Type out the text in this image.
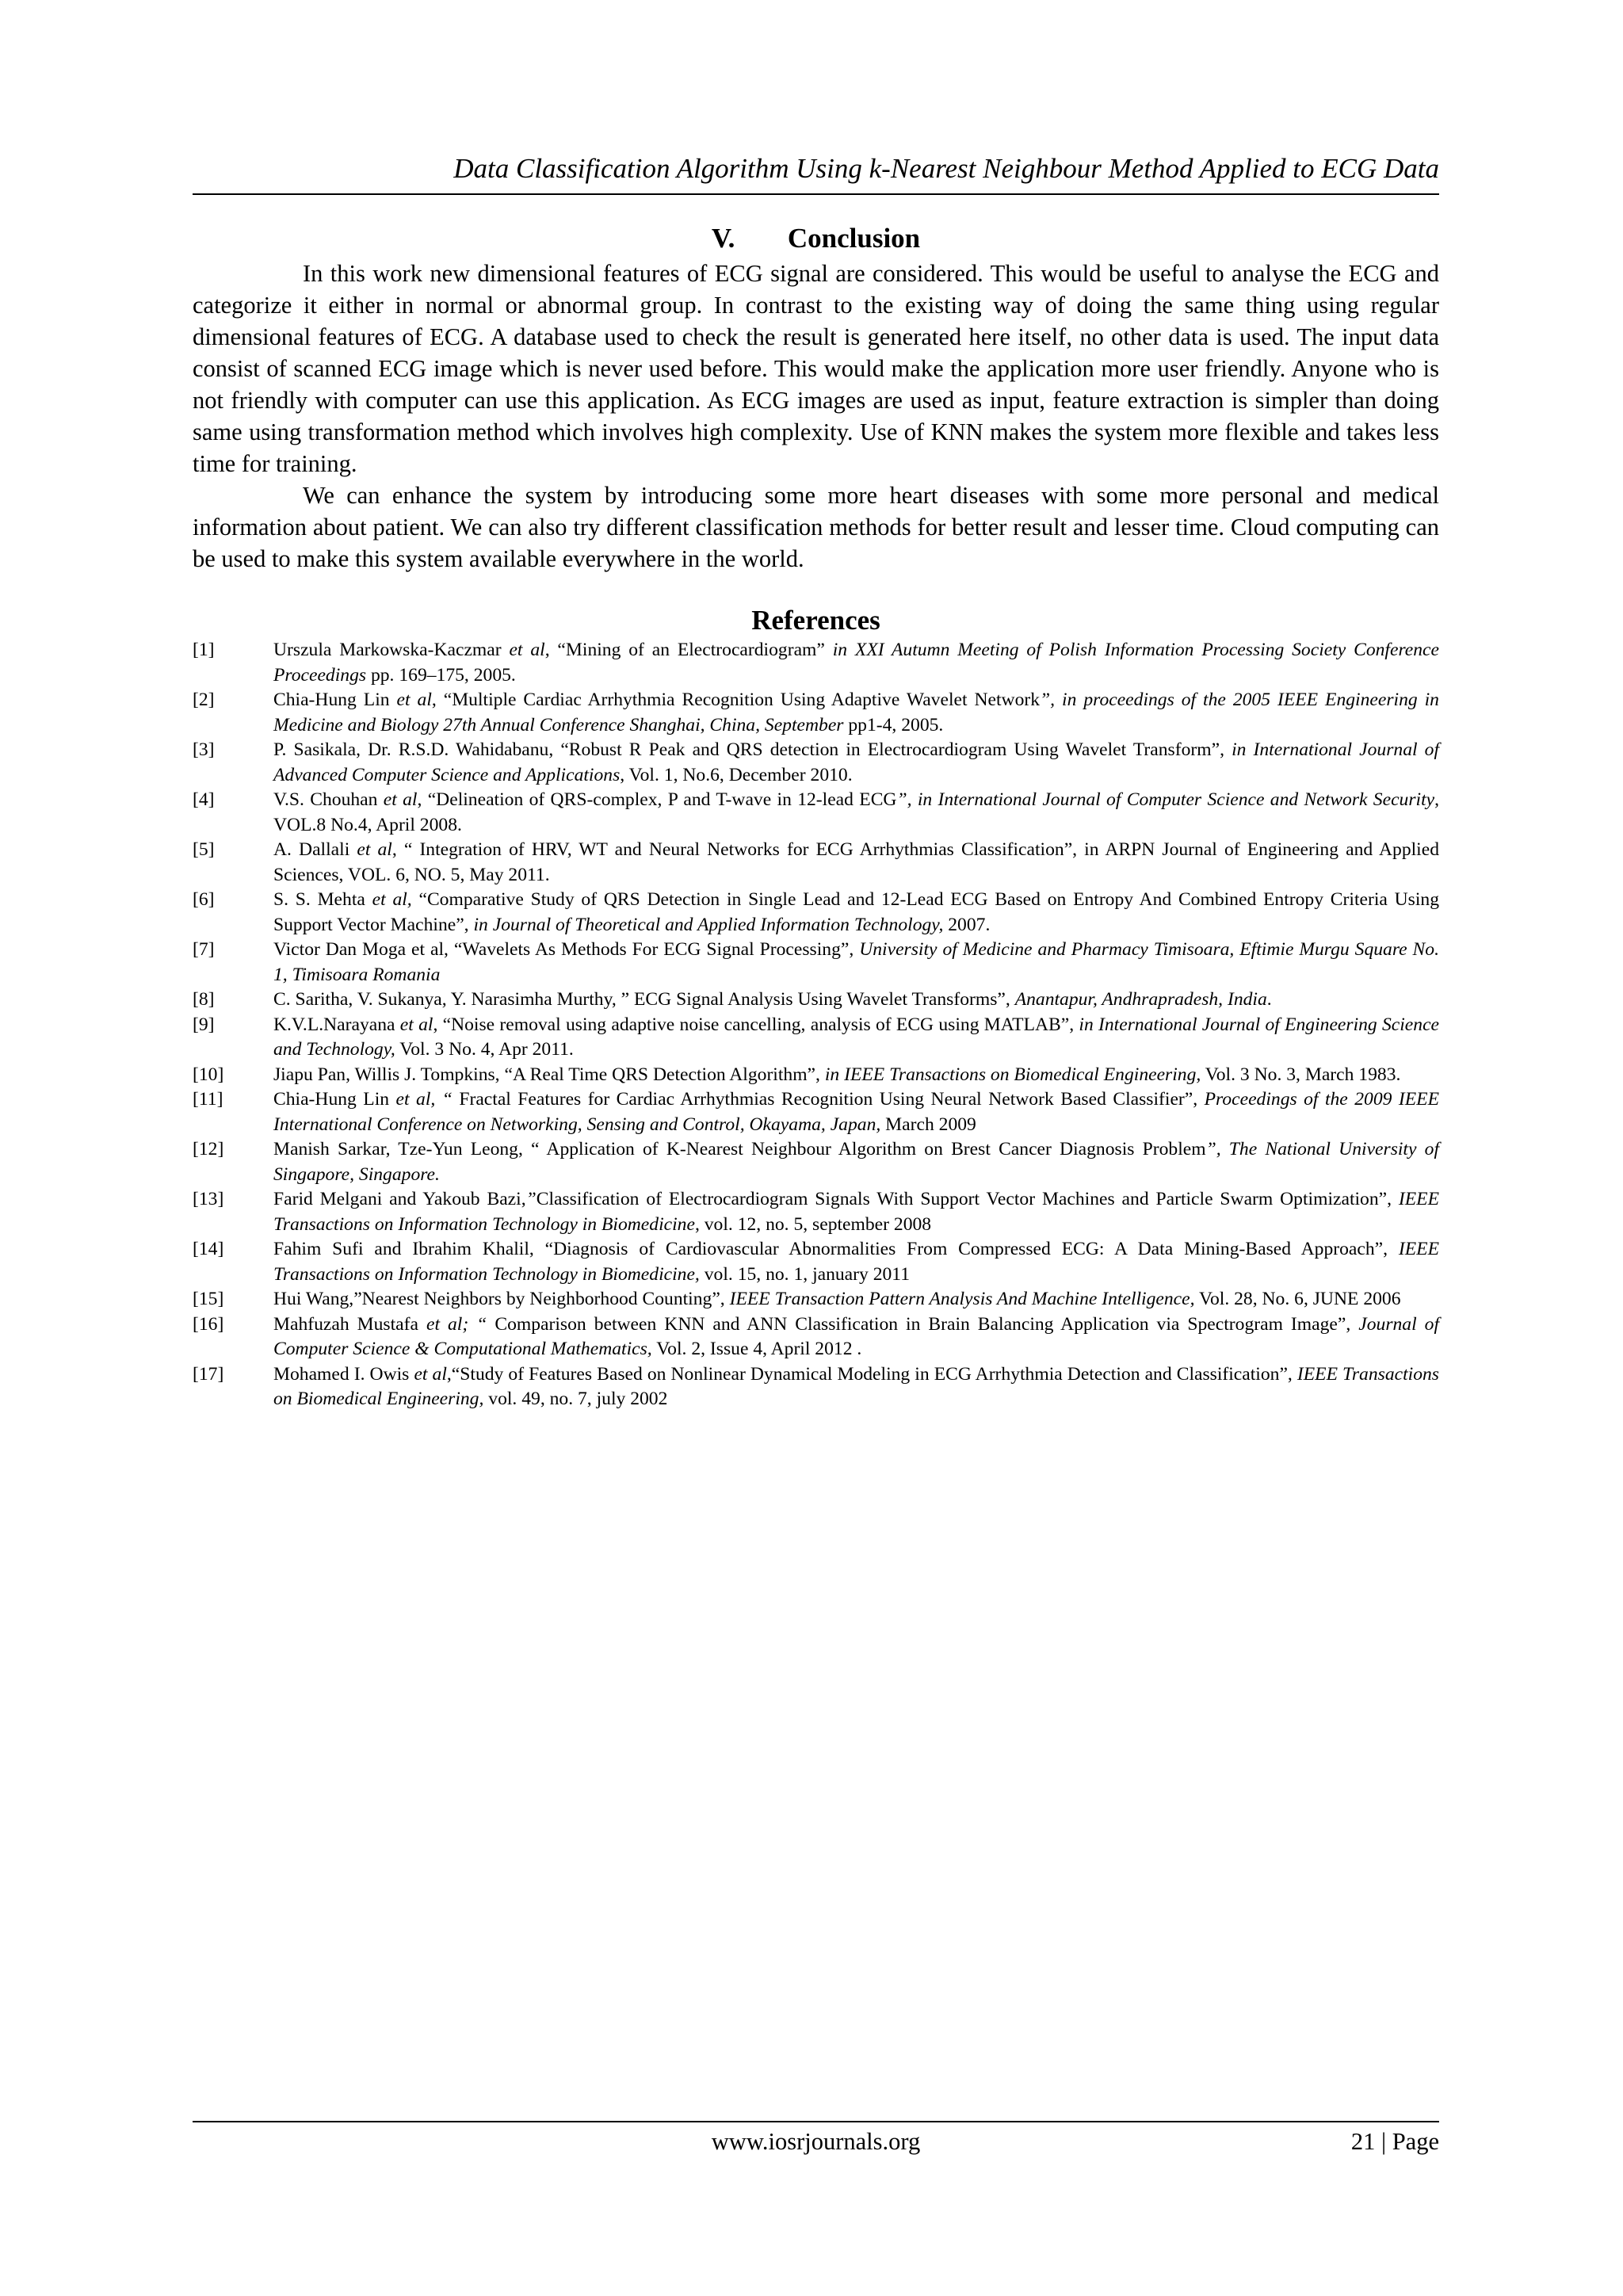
Data Classification Algorithm Using k-Nearest Neighbour Method Applied to ECG Data
V. Conclusion

In this work new dimensional features of ECG signal are considered. This would be useful to analyse the ECG and categorize it either in normal or abnormal group. In contrast to the existing way of doing the same thing using regular dimensional features of ECG. A database used to check the result is generated here itself, no other data is used. The input data consist of scanned ECG image which is never used before. This would make the application more user friendly. Anyone who is not friendly with computer can use this application. As ECG images are used as input, feature extraction is simpler than doing same using transformation method which involves high complexity. Use of KNN makes the system more flexible and takes less time for training.

We can enhance the system by introducing some more heart diseases with some more personal and medical information about patient. We can also try different classification methods for better result and lesser time. Cloud computing can be used to make this system available everywhere in the world.

References
[1]	Urszula Markowska-Kaczmar et al, “Mining of an Electrocardiogram” in XXI Autumn Meeting of Polish Information Processing Society Conference Proceedings pp. 169–175, 2005.
[2]	Chia-Hung Lin et al, “Multiple Cardiac Arrhythmia Recognition Using Adaptive Wavelet Network”, in proceedings of the 2005 IEEE Engineering in Medicine and Biology 27th Annual Conference Shanghai, China, September pp1-4, 2005.
[3]	P. Sasikala, Dr. R.S.D. Wahidabanu, “Robust R Peak and QRS detection in Electrocardiogram Using Wavelet Transform”, in International Journal of Advanced Computer Science and Applications, Vol. 1, No.6, December 2010.
[4]	V.S. Chouhan et al, “Delineation of QRS-complex, P and T-wave in 12-lead ECG”, in International Journal of Computer Science and Network Security, VOL.8 No.4, April 2008.
[5]	A. Dallali et al, “ Integration of HRV, WT and Neural Networks for ECG Arrhythmias Classification”, in ARPN Journal of Engineering and Applied Sciences, VOL. 6, NO. 5, May 2011.
[6]	S. S. Mehta et al, “Comparative Study of QRS Detection in Single Lead and 12-Lead ECG Based on Entropy And Combined Entropy Criteria Using Support Vector Machine”, in Journal of Theoretical and Applied Information Technology, 2007.
[7]	Victor Dan Moga et al, “Wavelets As Methods For ECG Signal Processing”, University of Medicine and Pharmacy Timisoara, Eftimie Murgu Square No. 1, Timisoara Romania
[8]	C. Saritha, V. Sukanya, Y. Narasimha Murthy, ” ECG Signal Analysis Using Wavelet Transforms”, Anantapur, Andhrapradesh, India.
[9]	K.V.L.Narayana et al, “Noise removal using adaptive noise cancelling, analysis of ECG using MATLAB”, in International Journal of Engineering Science and Technology, Vol. 3 No. 4, Apr 2011.
[10]	Jiapu Pan, Willis J. Tompkins, “A Real Time QRS Detection Algorithm”, in IEEE Transactions on Biomedical Engineering, Vol. 3 No. 3, March 1983.
[11]	Chia-Hung Lin et al, “ Fractal Features for Cardiac Arrhythmias Recognition Using Neural Network Based Classifier”, Proceedings of the 2009 IEEE International Conference on Networking, Sensing and Control, Okayama, Japan, March 2009
[12]	Manish Sarkar, Tze-Yun Leong, “ Application of K-Nearest Neighbour Algorithm on Brest Cancer Diagnosis Problem”, The National University of Singapore, Singapore.
[13]	Farid Melgani and Yakoub Bazi,”Classification of Electrocardiogram Signals With Support Vector Machines and Particle Swarm Optimization”, IEEE Transactions on Information Technology in Biomedicine, vol. 12, no. 5, september 2008
[14]	Fahim Sufi and Ibrahim Khalil, “Diagnosis of Cardiovascular Abnormalities From Compressed ECG: A Data Mining-Based Approach”, IEEE Transactions on Information Technology in Biomedicine, vol. 15, no. 1, january 2011
[15]	Hui Wang,”Nearest Neighbors by Neighborhood Counting”, IEEE Transaction Pattern Analysis And Machine Intelligence, Vol. 28, No. 6, JUNE 2006
[16]	Mahfuzah Mustafa et al; “ Comparison between KNN and ANN Classification in Brain Balancing Application via Spectrogram Image”, Journal of Computer Science & Computational Mathematics, Vol. 2, Issue 4, April 2012 .
[17]	Mohamed I. Owis et al,“Study of Features Based on Nonlinear Dynamical Modeling in ECG Arrhythmia Detection and Classification”, IEEE Transactions on Biomedical Engineering, vol. 49, no. 7, july 2002
www.iosrjournals.org	21 | Page
